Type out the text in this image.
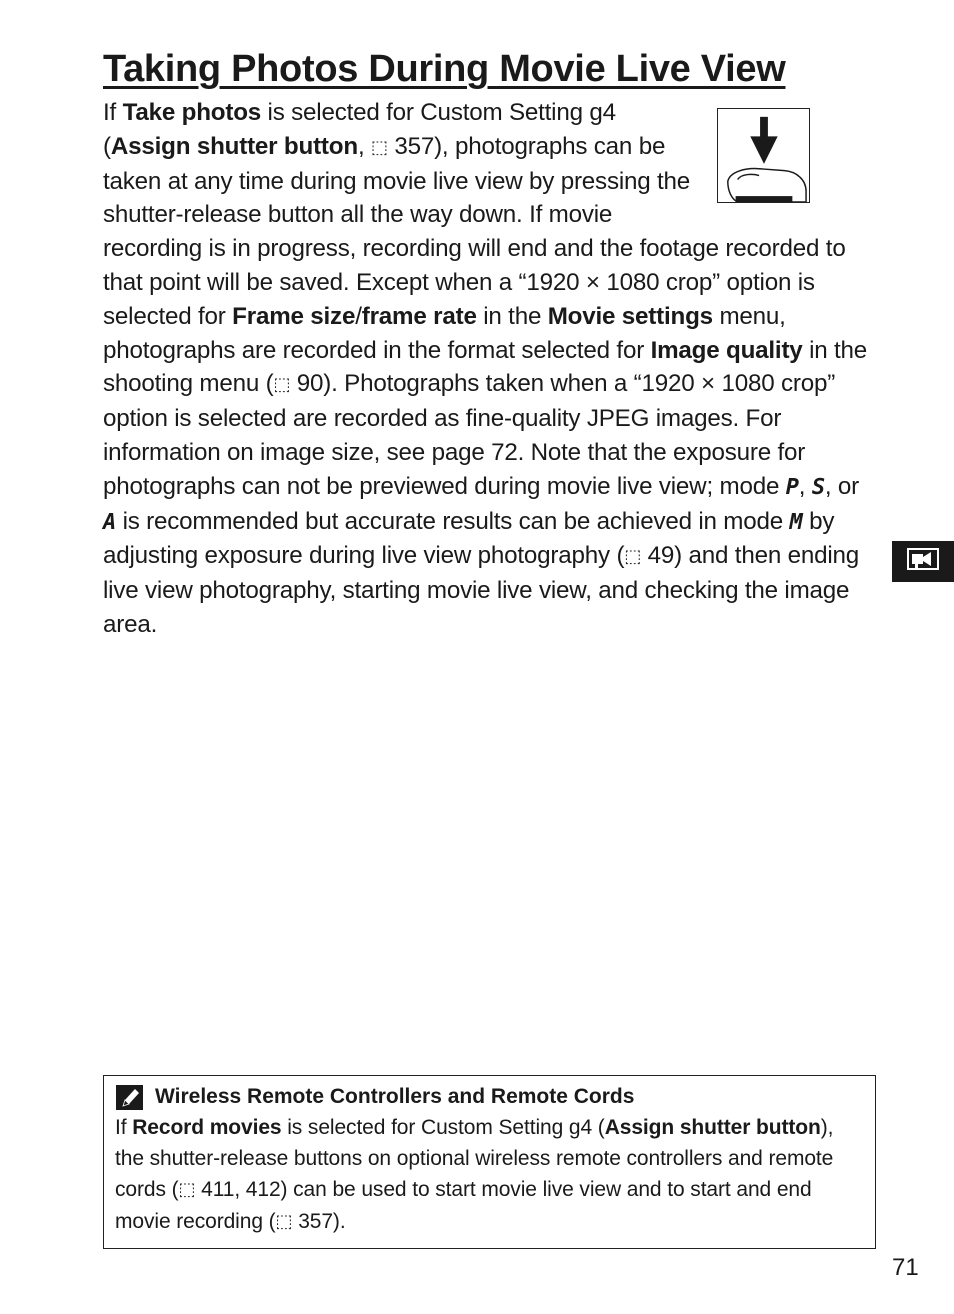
Taking Photos During Movie Live View
If Take photos is selected for Custom Setting g4 (Assign shutter button, ⬚ 357), photographs can be taken at any time during movie live view by pressing the shutter-release button all the way down. If movie recording is in progress, recording will end and the footage recorded to that point will be saved. Except when a “1920 × 1080 crop” option is selected for Frame size/frame rate in the Movie settings menu, photographs are recorded in the format selected for Image quality in the shooting menu (⬚ 90). Photographs taken when a “1920 × 1080 crop” option is selected are recorded as fine-quality JPEG images. For information on image size, see page 72. Note that the exposure for photographs can not be previewed during movie live view; mode P, S, or A is recommended but accurate results can be achieved in mode M by adjusting exposure during live view photography (⬚ 49) and then ending live view photography, starting movie live view, and checking the image area.
Wireless Remote Controllers and Remote Cords
If Record movies is selected for Custom Setting g4 (Assign shutter button), the shutter-release buttons on optional wireless remote controllers and remote cords (⬚ 411, 412) can be used to start movie live view and to start and end movie recording (⬚ 357).
71
